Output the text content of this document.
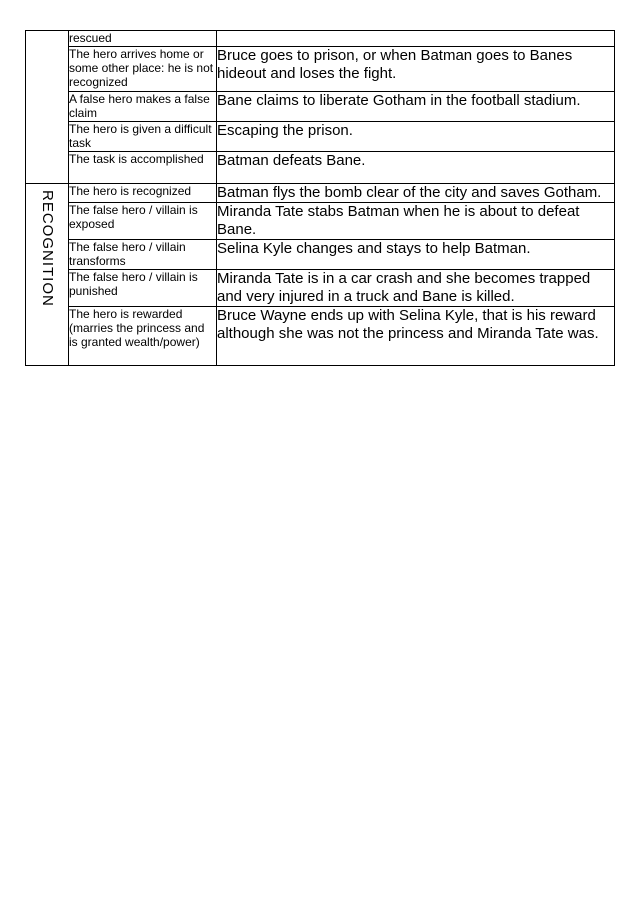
	rescued	
	The hero arrives home or some other place: he is not recognized	Bruce goes to prison, or when Batman goes to Banes hideout and loses the fight.
	A false hero makes a false claim	Bane claims to liberate Gotham in the football stadium.
	The hero is given a difficult task	Escaping the prison.
	The task is accomplished	Batman defeats Bane.

RECOGNITION	The hero is recognized	Batman flys the bomb clear of the city and saves Gotham.
	The false hero / villain is exposed	Miranda Tate stabs Batman when he is about to defeat Bane.
	The false hero / villain transforms	Selina Kyle changes and stays to help Batman.
	The false hero / villain is punished	Miranda Tate is in a car crash and she becomes trapped and very injured in a truck and Bane is killed.
	The hero is rewarded (marries the princess and is granted wealth/power)	Bruce Wayne ends up with Selina Kyle, that is his reward although she was not the princess and Miranda Tate was.
